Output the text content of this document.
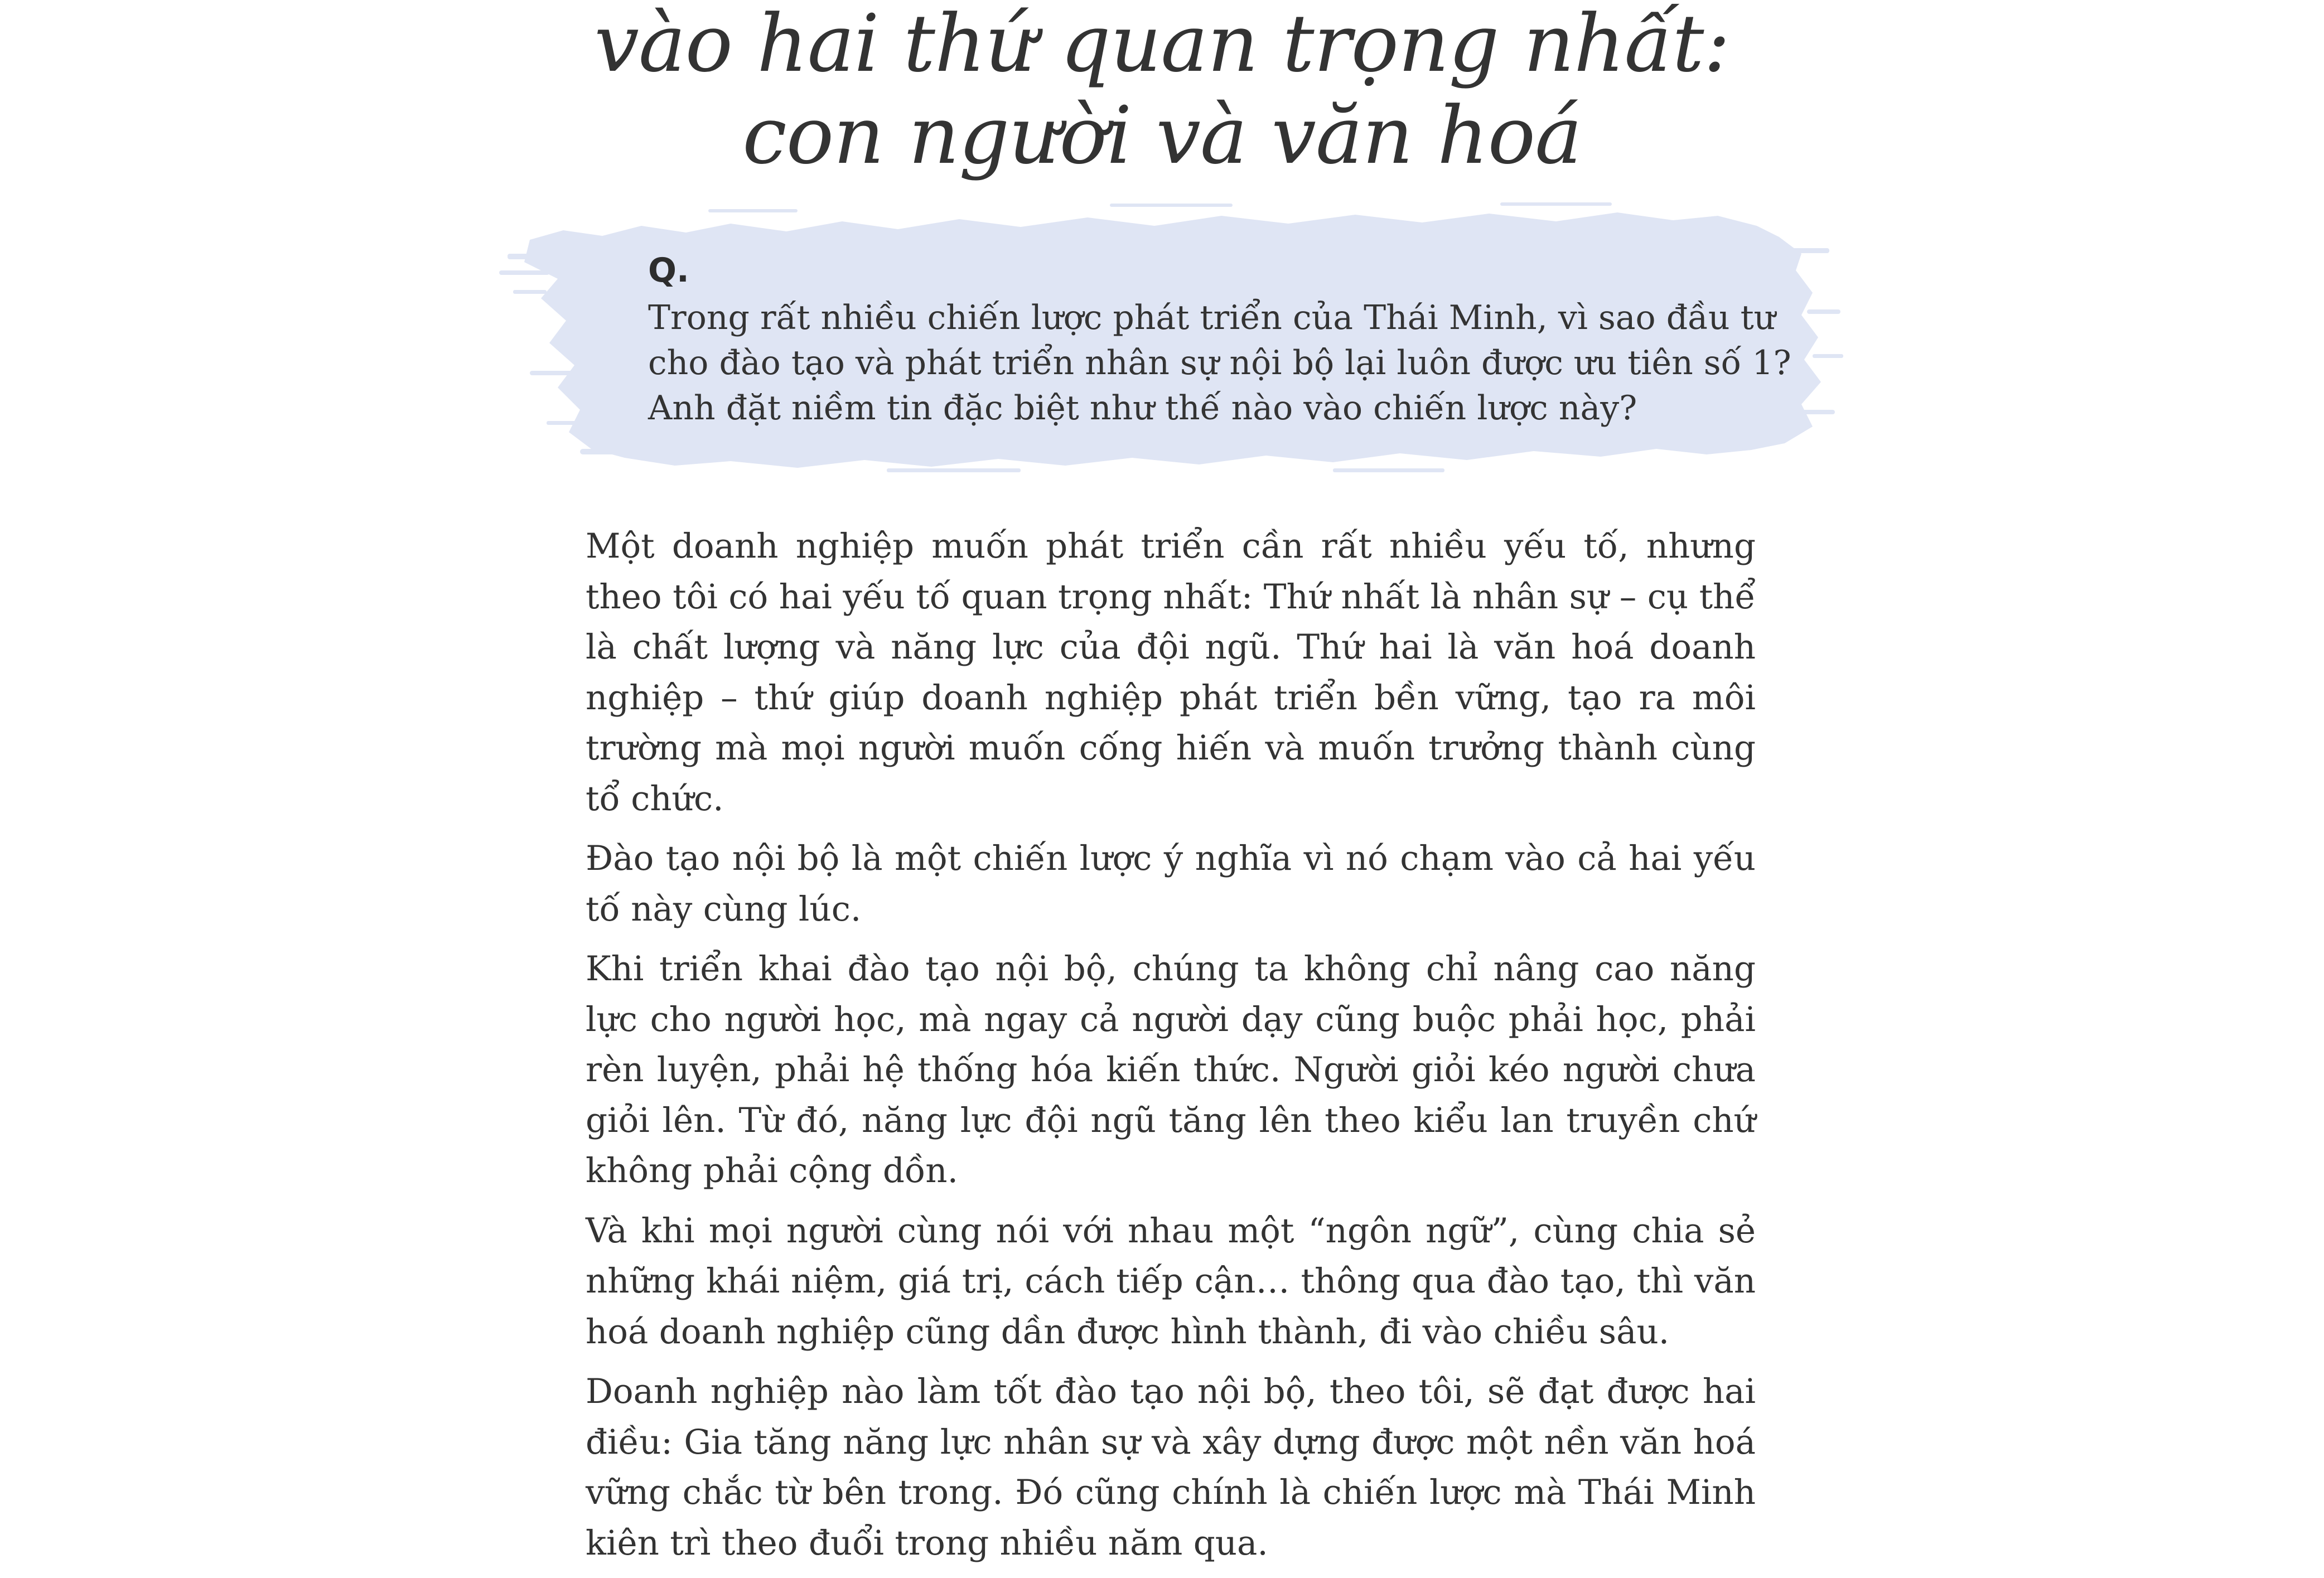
vào hai thứ quan trọng nhất:
con người và văn hoá
Q.
Trong rất nhiều chiến lược phát triển của Thái Minh, vì sao đầu tư
cho đào tạo và phát triển nhân sự nội bộ lại luôn được ưu tiên số 1?
Anh đặt niềm tin đặc biệt như thế nào vào chiến lược này?

Một doanh nghiệp muốn phát triển cần rất nhiều yếu tố, nhưng theo tôi có hai yếu tố quan trọng nhất: Thứ nhất là nhân sự – cụ thể là chất lượng và năng lực của đội ngũ. Thứ hai là văn hoá doanh nghiệp – thứ giúp doanh nghiệp phát triển bền vững, tạo ra môi trường mà mọi người muốn cống hiến và muốn trưởng thành cùng tổ chức.

Đào tạo nội bộ là một chiến lược ý nghĩa vì nó chạm vào cả hai yếu tố này cùng lúc.

Khi triển khai đào tạo nội bộ, chúng ta không chỉ nâng cao năng lực cho người học, mà ngay cả người dạy cũng buộc phải học, phải rèn luyện, phải hệ thống hóa kiến thức. Người giỏi kéo người chưa giỏi lên. Từ đó, năng lực đội ngũ tăng lên theo kiểu lan truyền chứ không phải cộng dồn.

Và khi mọi người cùng nói với nhau một “ngôn ngữ”, cùng chia sẻ những khái niệm, giá trị, cách tiếp cận… thông qua đào tạo, thì văn hoá doanh nghiệp cũng dần được hình thành, đi vào chiều sâu.

Doanh nghiệp nào làm tốt đào tạo nội bộ, theo tôi, sẽ đạt được hai điều: Gia tăng năng lực nhân sự và xây dựng được một nền văn hoá vững chắc từ bên trong. Đó cũng chính là chiến lược mà Thái Minh kiên trì theo đuổi trong nhiều năm qua.
